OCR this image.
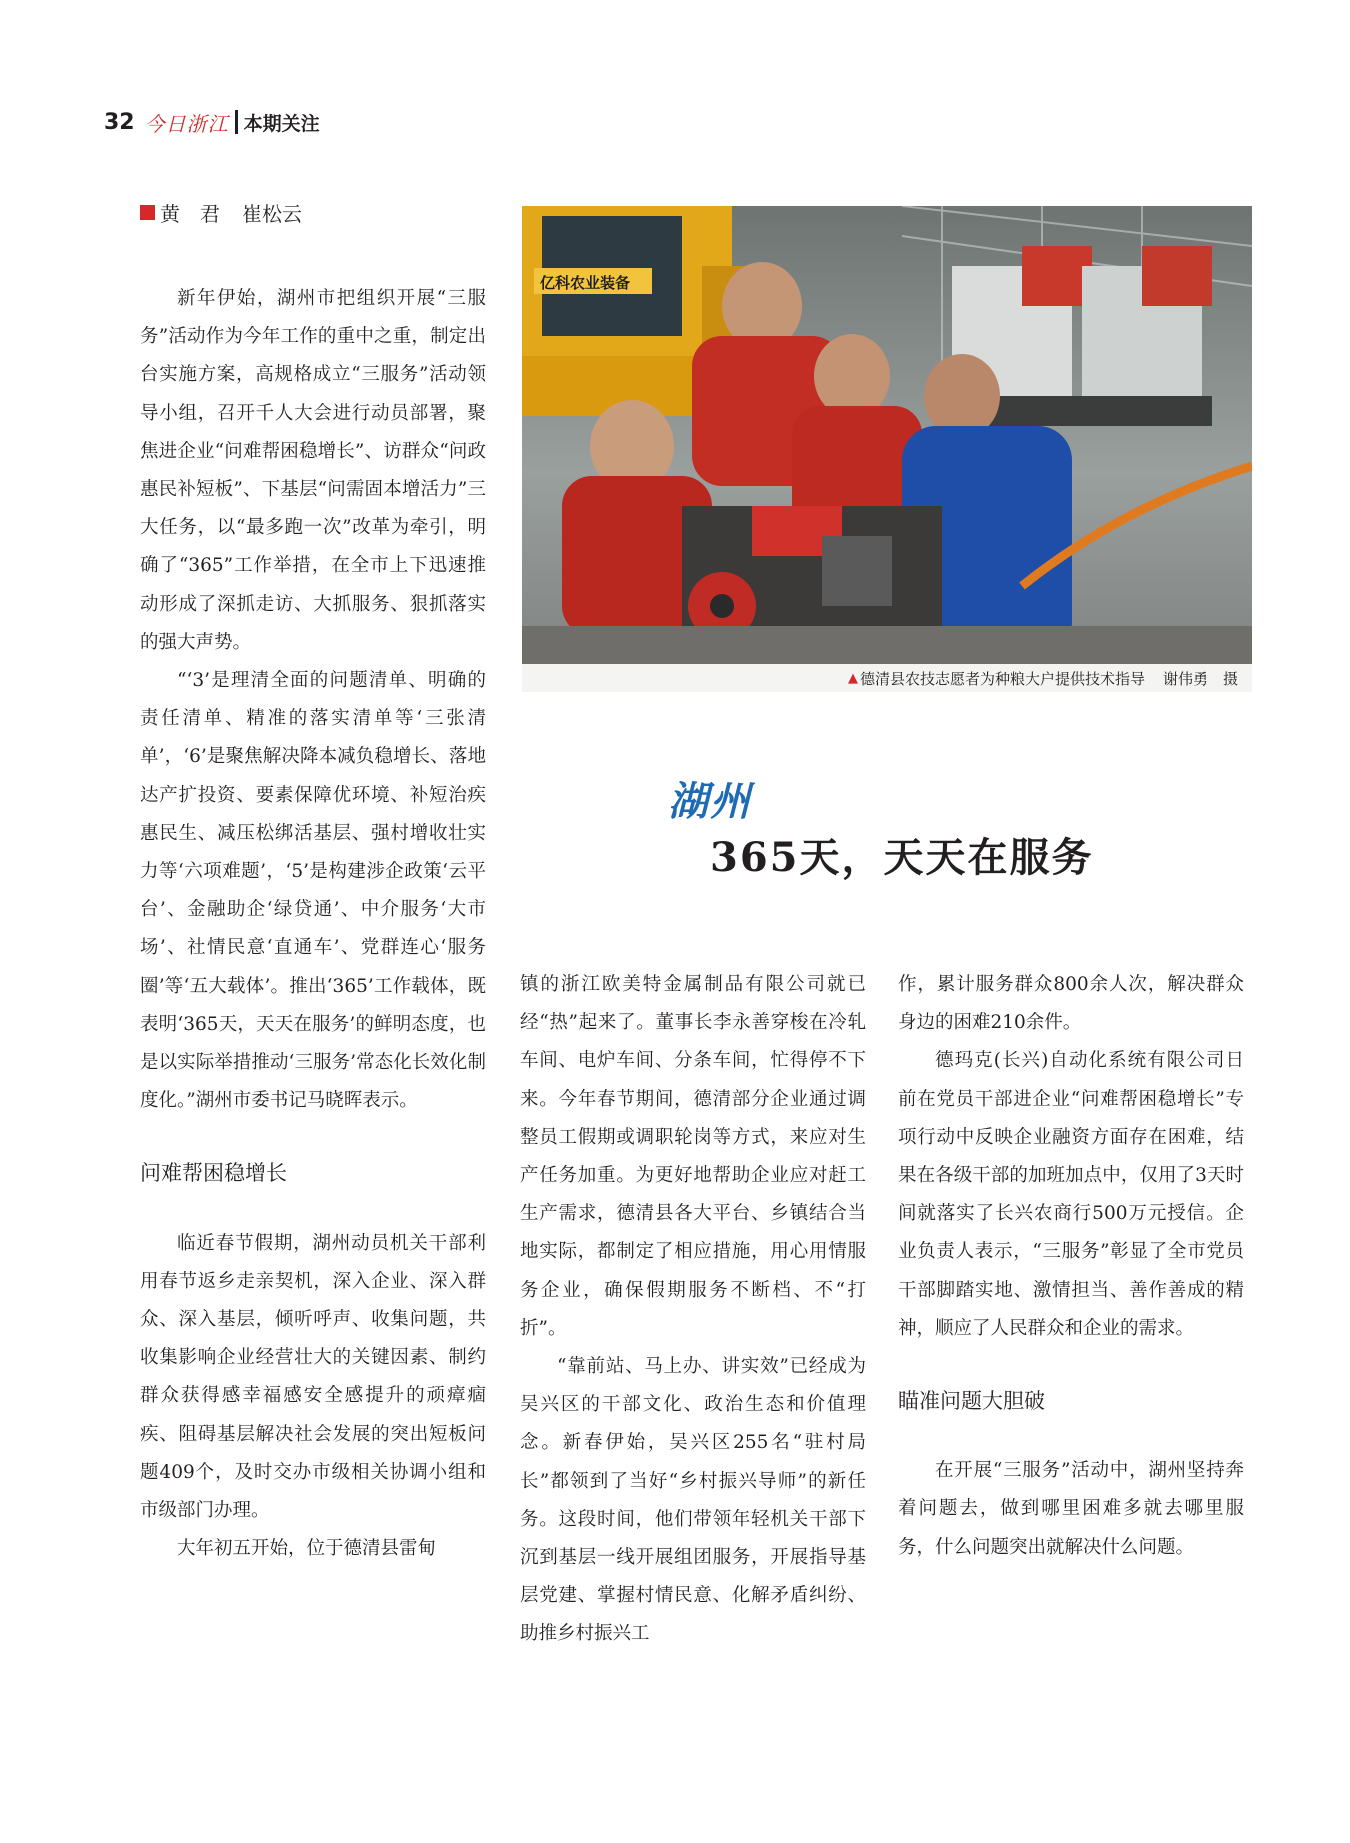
32 今日浙江 本期关注
黄　君 崔松云
亿科农业装备
▲ 德清县农技志愿者为种粮大户提供技术指导 谢伟勇　摄
湖州
365天，天天在服务

新年伊始，湖州市把组织开展“三服务”活动作为今年工作的重中之重，制定出台实施方案，高规格成立“三服务”活动领导小组，召开千人大会进行动员部署，聚焦进企业“问难帮困稳增长”、访群众“问政惠民补短板”、下基层“问需固本增活力”三大任务，以“最多跑一次”改革为牵引，明确了“365”工作举措，在全市上下迅速推动形成了深抓走访、大抓服务、狠抓落实的强大声势。

“‘3’是理清全面的问题清单、明确的责任清单、精准的落实清单等‘三张清单’，‘6’是聚焦解决降本减负稳增长、落地达产扩投资、要素保障优环境、补短治疾惠民生、减压松绑活基层、强村增收壮实力等‘六项难题’，‘5’是构建涉企政策‘云平台’、金融助企‘绿贷通’、中介服务‘大市场’、社情民意‘直通车’、党群连心‘服务圈’等‘五大载体’。推出‘365’工作载体，既表明‘365天，天天在服务’的鲜明态度，也是以实际举措推动‘三服务’常态化长效化制度化。”湖州市委书记马晓晖表示。

问难帮困稳增长

临近春节假期，湖州动员机关干部利用春节返乡走亲契机，深入企业、深入群众、深入基层，倾听呼声、收集问题，共收集影响企业经营壮大的关键因素、制约群众获得感幸福感安全感提升的顽瘴痼疾、阻碍基层解决社会发展的突出短板问题409个，及时交办市级相关协调小组和市级部门办理。

大年初五开始，位于德清县雷甸

镇的浙江欧美特金属制品有限公司就已经“热”起来了。董事长李永善穿梭在冷轧车间、电炉车间、分条车间，忙得停不下来。今年春节期间，德清部分企业通过调整员工假期或调职轮岗等方式，来应对生产任务加重。为更好地帮助企业应对赶工生产需求，德清县各大平台、乡镇结合当地实际，都制定了相应措施，用心用情服务企业，确保假期服务不断档、不“打折”。

“靠前站、马上办、讲实效”已经成为吴兴区的干部文化、政治生态和价值理念。新春伊始，吴兴区255名“驻村局长”都领到了当好“乡村振兴导师”的新任务。这段时间，他们带领年轻机关干部下沉到基层一线开展组团服务，开展指导基层党建、掌握村情民意、化解矛盾纠纷、助推乡村振兴工

作，累计服务群众800余人次，解决群众身边的困难210余件。

德玛克(长兴)自动化系统有限公司日前在党员干部进企业“问难帮困稳增长”专项行动中反映企业融资方面存在困难，结果在各级干部的加班加点中，仅用了3天时间就落实了长兴农商行500万元授信。企业负责人表示，“三服务”彰显了全市党员干部脚踏实地、激情担当、善作善成的精神，顺应了人民群众和企业的需求。

瞄准问题大胆破

在开展“三服务”活动中，湖州坚持奔着问题去，做到哪里困难多就去哪里服务，什么问题突出就解决什么问题。
